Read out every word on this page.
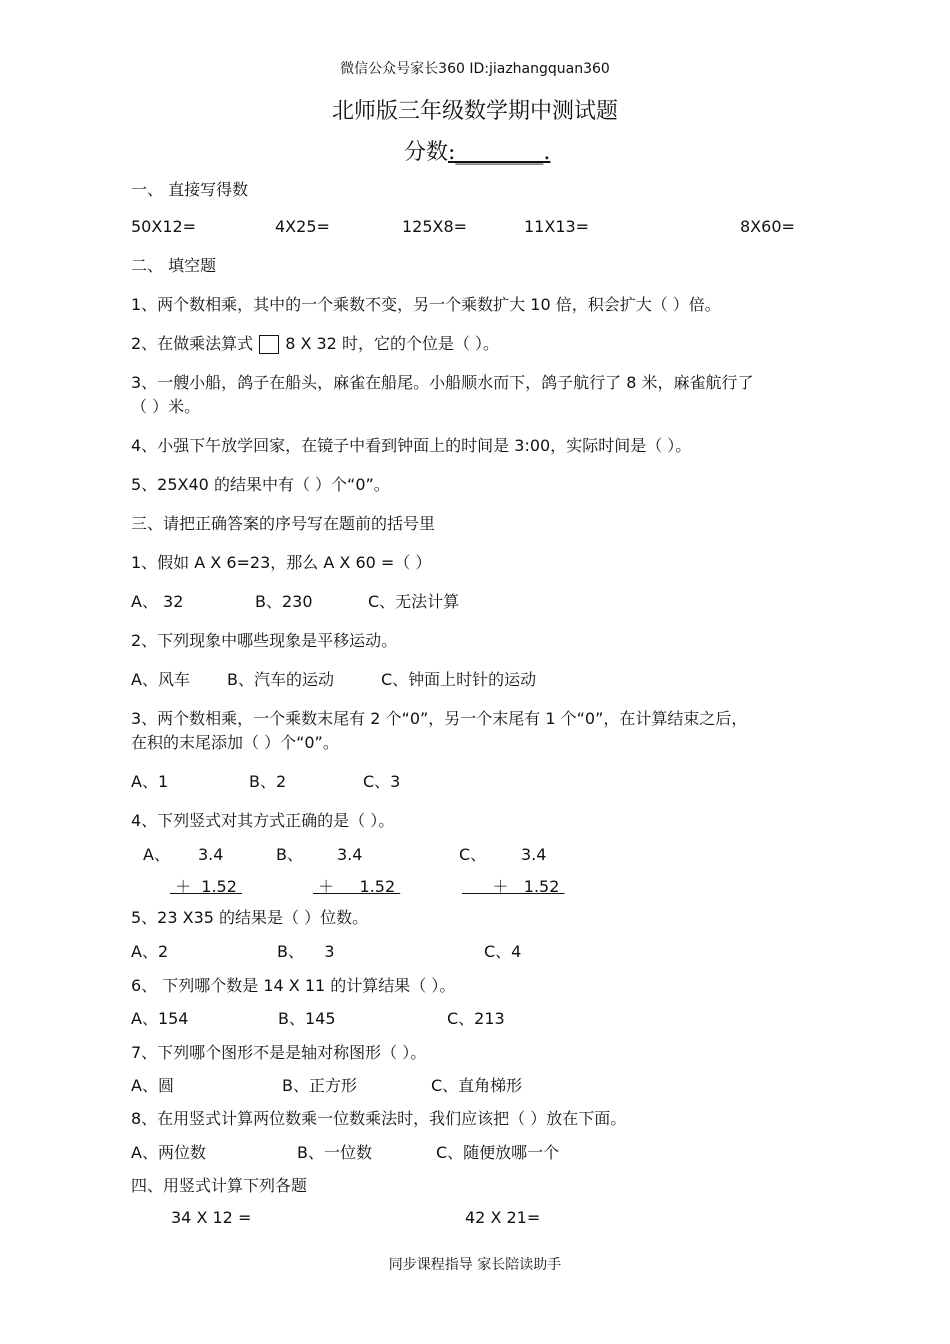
微信公众号家长360 ID:jiazhangquan360
北师版三年级数学期中测试题
分数:________.
一、 直接写得数
50X12=	4X25=	125X8=	11X13=	8X60=
二、 填空题
1、两个数相乘，其中的一个乘数不变，另一个乘数扩大 10 倍，积会扩大（ ）倍。
2、在做乘法算式 8 X 32 时，它的个位是（ ）。
3、一艘小船，鸽子在船头，麻雀在船尾。小船顺水而下，鸽子航行了 8 米，麻雀航行了
（ ）米。
4、小强下午放学回家，在镜子中看到钟面上的时间是 3:00，实际时间是（ ）。
5、25X40 的结果中有（ ）个“0”。
三、请把正确答案的序号写在题前的括号里
1、假如 A X 6=23，那么 A X 60 =（ ）
A、 32	B、230	C、无法计算
2、下列现象中哪些现象是平移运动。
A、风车 B、汽车的运动	C、钟面上时针的运动
3、两个数相乘，一个乘数末尾有 2 个“0”，另一个末尾有 1 个“0”，在计算结束之后，
在积的末尾添加（ ）个“0”。
A、1	B、2	C、3
4、下列竖式对其方式正确的是（ ）。
A、 3.4
＋  1.52
B、 3.4
＋     1.52
C、 3.4
＋   1.52
5、23 X35 的结果是（ ）位数。
A、2	B、    3	C、4
6、 下列哪个数是 14 X 11 的计算结果（ ）。
A、154	B、145	C、213
7、下列哪个图形不是是轴对称图形（ ）。
A、圆	B、正方形	C、直角梯形
8、在用竖式计算两位数乘一位数乘法时，我们应该把（ ）放在下面。
A、两位数	B、一位数	C、随便放哪一个
四、用竖式计算下列各题
34 X 12 =	42 X 21=
同步课程指导 家长陪读助手
